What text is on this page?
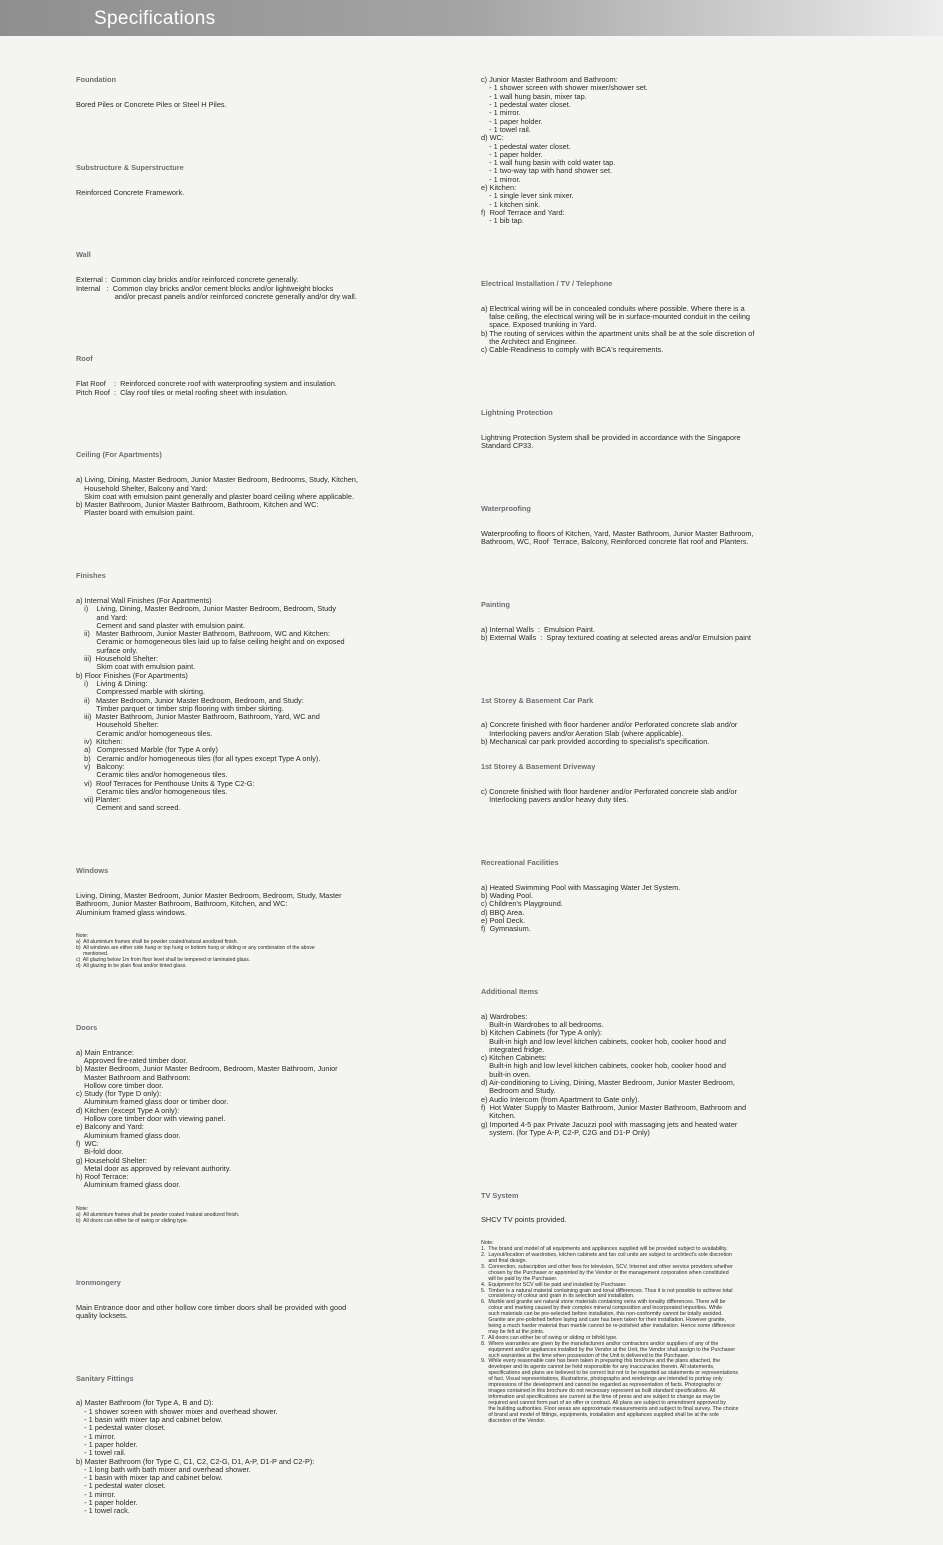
Specifications

Foundation

Bored Piles or Concrete Piles or Steel H Piles.

Substructure & Superstructure

Reinforced Concrete Framework.

Wall

External :  Common clay bricks and/or reinforced concrete generally.
Internal   :  Common clay bricks and/or cement blocks and/or lightweight blocks
and/or precast panels and/or reinforced concrete generally and/or dry wall.

Roof

Flat Roof    :  Reinforced concrete roof with waterproofing system and insulation.
Pitch Roof  :  Clay roof tiles or metal roofing sheet with insulation.

Ceiling (For Apartments)

a) Living, Dining, Master Bedroom, Junior Master Bedroom, Bedrooms, Study, Kitchen,
Household Shelter, Balcony and Yard:
Skim coat with emulsion paint generally and plaster board ceiling where applicable.
b) Master Bathroom, Junior Master Bathroom, Bathroom, Kitchen and WC:
Plaster board with emulsion paint.

Finishes

a) Internal Wall Finishes (For Apartments)
i)    Living, Dining, Master Bedroom, Junior Master Bedroom, Bedroom, Study
and Yard:
Cement and sand plaster with emulsion paint.
ii)   Master Bathroom, Junior Master Bathroom, Bathroom, WC and Kitchen:
Ceramic or homogeneous tiles laid up to false ceiling height and on exposed
surface only.
iii)  Household Shelter:
Skim coat with emulsion paint.
b) Floor Finishes (For Apartments)
i)    Living & Dining:
Compressed marble with skirting.
ii)   Master Bedroom, Junior Master Bedroom, Bedroom, and Study:
Timber parquet or timber strip flooring with timber skirting.
iii)  Master Bathroom, Junior Master Bathroom, Bathroom, Yard, WC and
Household Shelter:
Ceramic and/or homogeneous tiles.
iv)  Kitchen:
a)   Compressed Marble (for Type A only)
b)   Ceramic and/or homogeneous tiles (for all types except Type A only).
v)   Balcony:
Ceramic tiles and/or homogeneous tiles.
vi)  Roof Terraces for Penthouse Units & Type C2-G:
Ceramic tiles and/or homogeneous tiles.
vii) Planter:
Cement and sand screed.

Windows

Living, Dining, Master Bedroom, Junior Master Bedroom, Bedroom, Study, Master
Bathroom, Junior Master Bathroom, Bathroom, Kitchen, and WC:
Aluminium framed glass windows.

Note:
a)  All aluminium frames shall be powder coated/natural anodized finish.
b)  All windows are either side hung or top hung or bottom hung or sliding or any combination of the above
mentioned.
c)  All glazing below 1m from floor level shall be tempered or laminated glass.
d)  All glazing to be plain float and/or tinted glass.

Doors

a) Main Entrance:
Approved fire-rated timber door.
b) Master Bedroom, Junior Master Bedroom, Bedroom, Master Bathroom, Junior
Master Bathroom and Bathroom:
Hollow core timber door.
c) Study (for Type D only):
Aluminium framed glass door or timber door.
d) Kitchen (except Type A only):
Hollow core timber door with viewing panel.
e) Balcony and Yard:
Aluminium framed glass door.
f)  WC:
Bi-fold door.
g) Household Shelter:
Metal door as approved by relevant authority.
h) Roof Terrace:
Aluminium framed glass door.

Note:
a)  All aluminium frames shall be powder coated /natural anodized finish.
b)  All doors can either be of swing or sliding type.

Ironmongery

Main Entrance door and other hollow core timber doors shall be provided with good
quality locksets.

Sanitary Fittings

a) Master Bathroom (for Type A, B and D):
- 1 shower screen with shower mixer and overhead shower.
- 1 basin with mixer tap and cabinet below.
- 1 pedestal water closet.
- 1 mirror.
- 1 paper holder.
- 1 towel rail.
b) Master Bathroom (for Type C, C1, C2, C2-G, D1, A-P, D1-P and C2-P):
- 1 long bath with bath mixer and overhead shower.
- 1 basin with mixer tap and cabinet below.
- 1 pedestal water closet.
- 1 mirror.
- 1 paper holder.
- 1 towel rack.

c) Junior Master Bathroom and Bathroom:
- 1 shower screen with shower mixer/shower set.
- 1 wall hung basin, mixer tap.
- 1 pedestal water closet.
- 1 mirror.
- 1 paper holder.
- 1 towel rail.
d) WC:
- 1 pedestal water closet.
- 1 paper holder.
- 1 wall hung basin with cold water tap.
- 1 two-way tap with hand shower set.
- 1 mirror.
e) Kitchen:
- 1 single lever sink mixer.
- 1 kitchen sink.
f)  Roof Terrace and Yard:
- 1 bib tap.

Electrical Installation / TV / Telephone

a) Electrical wiring will be in concealed conduits where possible. Where there is a
false ceiling, the electrical wiring will be in surface-mounted conduit in the ceiling
space. Exposed trunking in Yard.
b) The routing of services within the apartment units shall be at the sole discretion of
the Architect and Engineer.
c) Cable-Readiness to comply with BCA's requirements.

Lightning Protection

Lightning Protection System shall be provided in accordance with the Singapore
Standard CP33.

Waterproofing

Waterproofing to floors of Kitchen, Yard, Master Bathroom, Junior Master Bathroom,
Bathroom, WC, Roof  Terrace, Balcony, Reinforced concrete flat roof and Planters.

Painting

a) Internal Walls  :  Emulsion Paint.
b) External Walls  :  Spray textured coating at selected areas and/or Emulsion paint

1st Storey & Basement Car Park

a) Concrete finished with floor hardener and/or Perforated concrete slab and/or
Interlocking pavers and/or Aeration Slab (where applicable).
b) Mechanical car park provided according to specialist's specification.

1st Storey & Basement Driveway

c) Concrete finished with floor hardener and/or Perforated concrete slab and/or
Interlocking pavers and/or heavy duty tiles.

Recreational Facilities

a) Heated Swimming Pool with Massaging Water Jet System.
b) Wading Pool.
c) Children's Playground.
d) BBQ Area.
e) Pool Deck.
f)  Gymnasium.

Additional Items

a) Wardrobes:
Built-in Wardrobes to all bedrooms.
b) Kitchen Cabinets (for Type A only):
Built-in high and low level kitchen cabinets, cooker hob, cooker hood and
integrated fridge.
c) Kitchen Cabinets:
Built-in high and low level kitchen cabinets, cooker hob, cooker hood and
built-in oven.
d) Air-conditioning to Living, Dining, Master Bedroom, Junior Master Bedroom,
Bedroom and Study.
e) Audio Intercom (from Apartment to Gate only).
f)  Hot Water Supply to Master Bathroom, Junior Master Bathroom, Bathroom and
Kitchen.
g) Imported 4-5 pax Private Jacuzzi pool with massaging jets and heated water
system. (for Type A-P, C2-P, C2G and D1-P Only)

TV System

SHCV TV points provided.

Note:
1.  The brand and model of all equipments and appliances supplied will be provided subject to availability.
2.  Layout/location of wardrobes, kitchen cabinets and fan coil units are subject to architect's sole discretion
and final design.
3.  Connection, subscription and other fees for television, SCV, Internet and other service providers whether
chosen by the Purchaser or appointed by the Vendor or the management corporation when constituted
will be paid by the Purchaser.
4.  Equipment for SCV will be paid and installed by Purchaser.
5.  Timber is a natural material containing grain and tonal differences. Thus it is not possible to achieve total
consistency of colour and grain in its selection and installation.
6.  Marble and granite are natural stone materials containing veins with tonality differences. There will be
colour and marking caused by their complex mineral composition and incorporated impurities. While
such materials can be pre-selected before installation, this non-conformity cannot be totally avoided.
Granite are pre-polished before laying and care has been taken for their installation. However granite,
being a much harder material than marble cannot be re-polished after installation. Hence some difference
may be felt at the joints.
7.  All doors can either be of swing or sliding or bifold type.
8.  Where warranties are given by the manufacturers and/or contractors and/or suppliers of any of the
equipment and/or appliances installed by the Vendor at the Unit, the Vendor shall assign to the Purchaser
such warranties at the time when possession of the Unit is delivered to the Purchaser.
9.  While every reasonable care has been taken in preparing this brochure and the plans attached, the
developer and its agents cannot be held responsible for any inaccuracies therein. All statements,
specifications and plans are believed to be correct but not to be regarded as statements or representations
of fact. Visual representations, illustrations, photographs and renderings are intended to portray only
impressions of the development and cannot be regarded as representation of facts. Photographs or
images contained in this brochure do not necessary represent as built standard specifications. All
information and specifications are current at the time of press and are subject to change as may be
required and cannot form part of an offer or contract. All plans are subject to amendment approved by
the building authorities. Floor areas are approximate measurements and subject to final survey. The choice
of brand and model of fittings, equipments, installation and appliances supplied shall be at the sole
discretion of the Vendor.
